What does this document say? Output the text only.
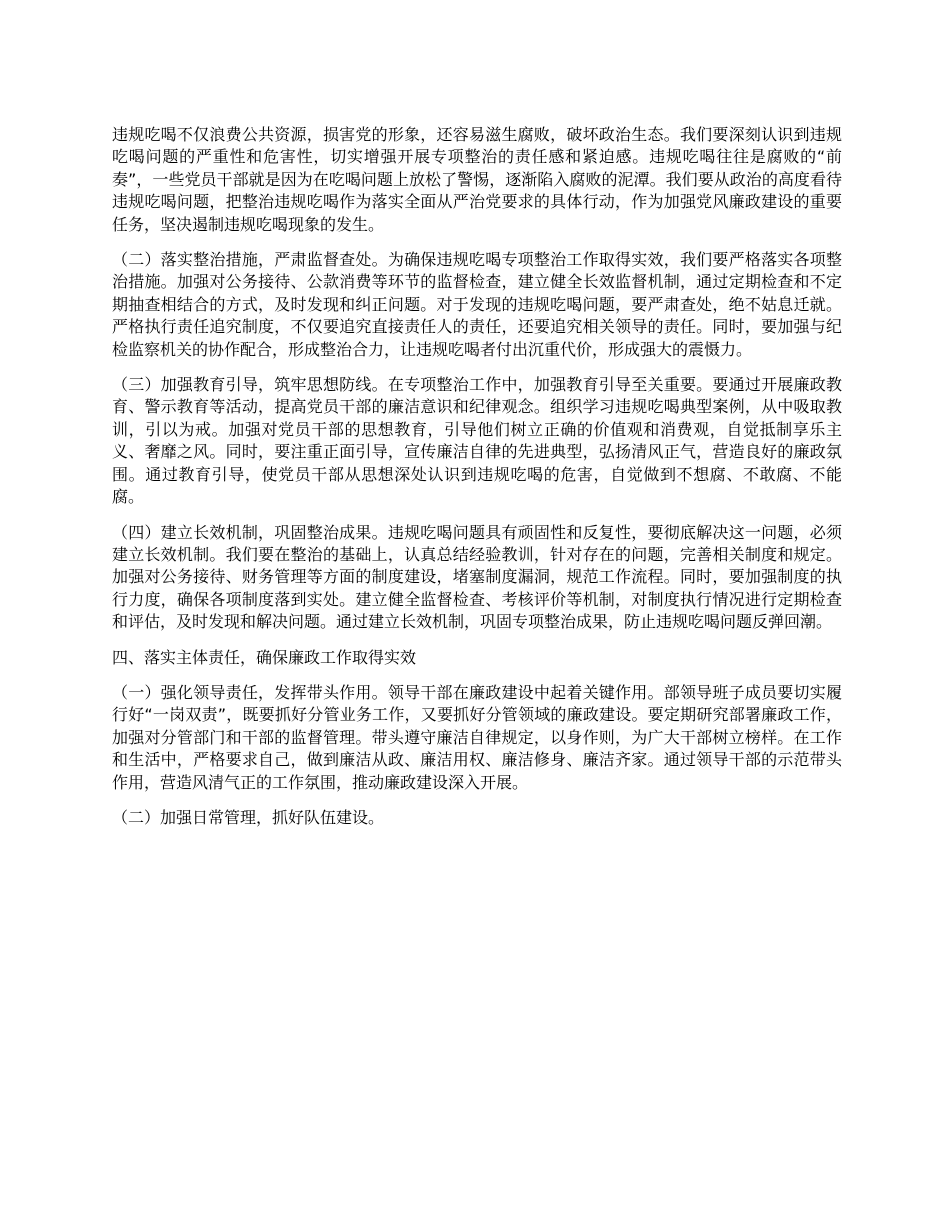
违规吃喝不仅浪费公共资源，损害党的形象，还容易滋生腐败，破坏政治生态。我们要深刻认识到违规吃喝问题的严重性和危害性，切实增强开展专项整治的责任感和紧迫感。违规吃喝往往是腐败的“前奏”，一些党员干部就是因为在吃喝问题上放松了警惕，逐渐陷入腐败的泥潭。我们要从政治的高度看待违规吃喝问题，把整治违规吃喝作为落实全面从严治党要求的具体行动，作为加强党风廉政建设的重要任务，坚决遏制违规吃喝现象的发生。

（二）落实整治措施，严肃监督查处。为确保违规吃喝专项整治工作取得实效，我们要严格落实各项整治措施。加强对公务接待、公款消费等环节的监督检查，建立健全长效监督机制，通过定期检查和不定期抽查相结合的方式，及时发现和纠正问题。对于发现的违规吃喝问题，要严肃查处，绝不姑息迁就。严格执行责任追究制度，不仅要追究直接责任人的责任，还要追究相关领导的责任。同时，要加强与纪检监察机关的协作配合，形成整治合力，让违规吃喝者付出沉重代价，形成强大的震慑力。

（三）加强教育引导，筑牢思想防线。在专项整治工作中，加强教育引导至关重要。要通过开展廉政教育、警示教育等活动，提高党员干部的廉洁意识和纪律观念。组织学习违规吃喝典型案例，从中吸取教训，引以为戒。加强对党员干部的思想教育，引导他们树立正确的价值观和消费观，自觉抵制享乐主义、奢靡之风。同时，要注重正面引导，宣传廉洁自律的先进典型，弘扬清风正气，营造良好的廉政氛围。通过教育引导，使党员干部从思想深处认识到违规吃喝的危害，自觉做到不想腐、不敢腐、不能腐。

（四）建立长效机制，巩固整治成果。违规吃喝问题具有顽固性和反复性，要彻底解决这一问题，必须建立长效机制。我们要在整治的基础上，认真总结经验教训，针对存在的问题，完善相关制度和规定。加强对公务接待、财务管理等方面的制度建设，堵塞制度漏洞，规范工作流程。同时，要加强制度的执行力度，确保各项制度落到实处。建立健全监督检查、考核评价等机制，对制度执行情况进行定期检查和评估，及时发现和解决问题。通过建立长效机制，巩固专项整治成果，防止违规吃喝问题反弹回潮。

四、落实主体责任，确保廉政工作取得实效

（一）强化领导责任，发挥带头作用。领导干部在廉政建设中起着关键作用。部领导班子成员要切实履行好“一岗双责”，既要抓好分管业务工作，又要抓好分管领域的廉政建设。要定期研究部署廉政工作，加强对分管部门和干部的监督管理。带头遵守廉洁自律规定，以身作则，为广大干部树立榜样。在工作和生活中，严格要求自己，做到廉洁从政、廉洁用权、廉洁修身、廉洁齐家。通过领导干部的示范带头作用，营造风清气正的工作氛围，推动廉政建设深入开展。

（二）加强日常管理，抓好队伍建设。
